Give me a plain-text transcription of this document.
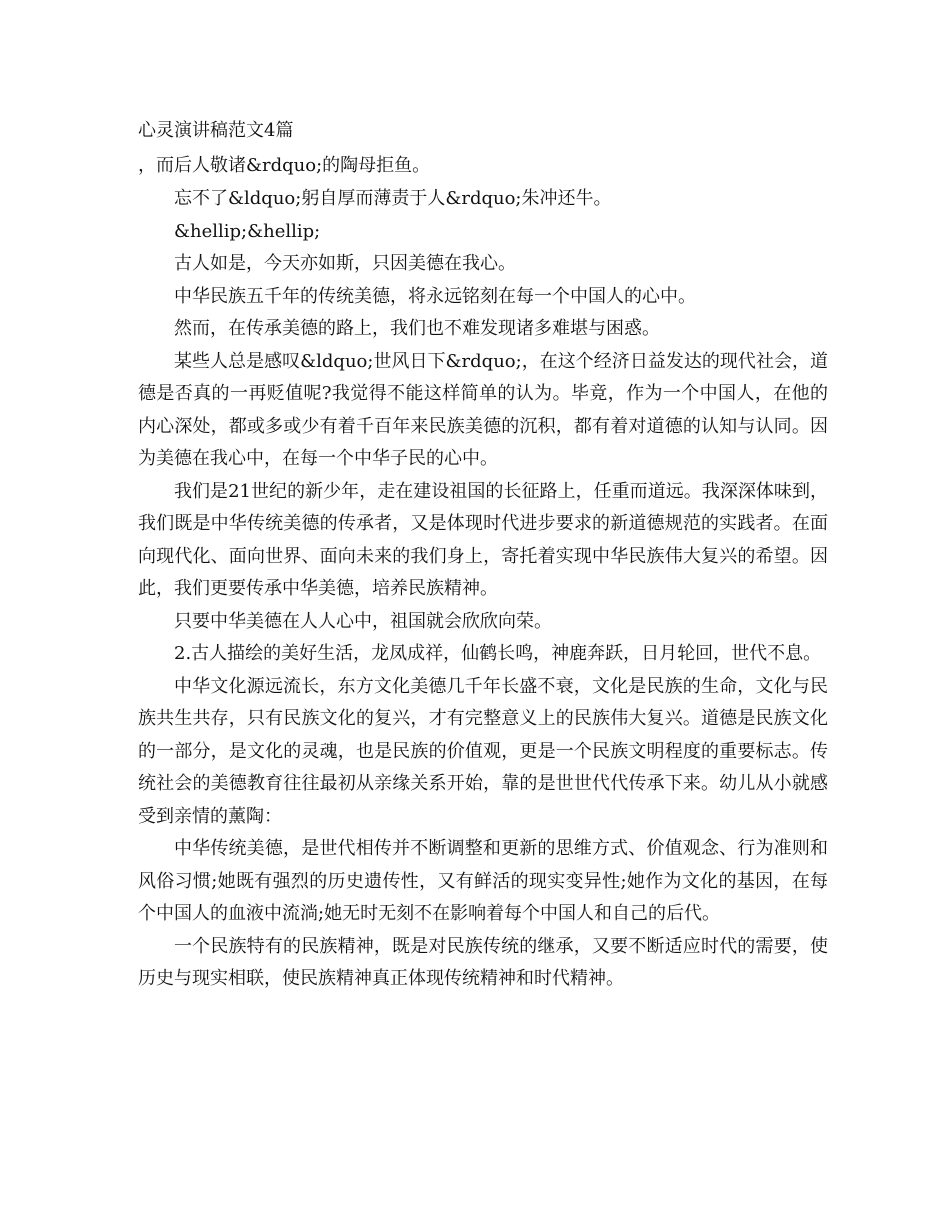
心灵演讲稿范文4篇

，而后人敬诸&rdquo;的陶母拒鱼。

忘不了&ldquo;躬自厚而薄责于人&rdquo;朱冲还牛。

&hellip;&hellip;

古人如是，今天亦如斯，只因美德在我心。

中华民族五千年的传统美德，将永远铭刻在每一个中国人的心中。

然而，在传承美德的路上，我们也不难发现诸多难堪与困惑。

某些人总是感叹&ldquo;世风日下&rdquo;，在这个经济日益发达的现代社会，道德是否真的一再贬值呢?我觉得不能这样简单的认为。毕竟，作为一个中国人，在他的内心深处，都或多或少有着千百年来民族美德的沉积，都有着对道德的认知与认同。因为美德在我心中，在每一个中华子民的心中。

我们是21世纪的新少年，走在建设祖国的长征路上，任重而道远。我深深体味到，我们既是中华传统美德的传承者，又是体现时代进步要求的新道德规范的实践者。在面向现代化、面向世界、面向未来的我们身上，寄托着实现中华民族伟大复兴的希望。因此，我们更要传承中华美德，培养民族精神。

只要中华美德在人人心中，祖国就会欣欣向荣。

2.古人描绘的美好生活，龙凤成祥，仙鹤长鸣，神鹿奔跃，日月轮回，世代不息。

中华文化源远流长，东方文化美德几千年长盛不衰，文化是民族的生命，文化与民族共生共存，只有民族文化的复兴，才有完整意义上的民族伟大复兴。道德是民族文化的一部分，是文化的灵魂，也是民族的价值观，更是一个民族文明程度的重要标志。传统社会的美德教育往往最初从亲缘关系开始，靠的是世世代代传承下来。幼儿从小就感受到亲情的薰陶：

中华传统美德，是世代相传并不断调整和更新的思维方式、价值观念、行为准则和风俗习惯;她既有强烈的历史遗传性，又有鲜活的现实变异性;她作为文化的基因，在每个中国人的血液中流淌;她无时无刻不在影响着每个中国人和自己的后代。

一个民族特有的民族精神，既是对民族传统的继承，又要不断适应时代的需要，使历史与现实相联，使民族精神真正体现传统精神和时代精神。
